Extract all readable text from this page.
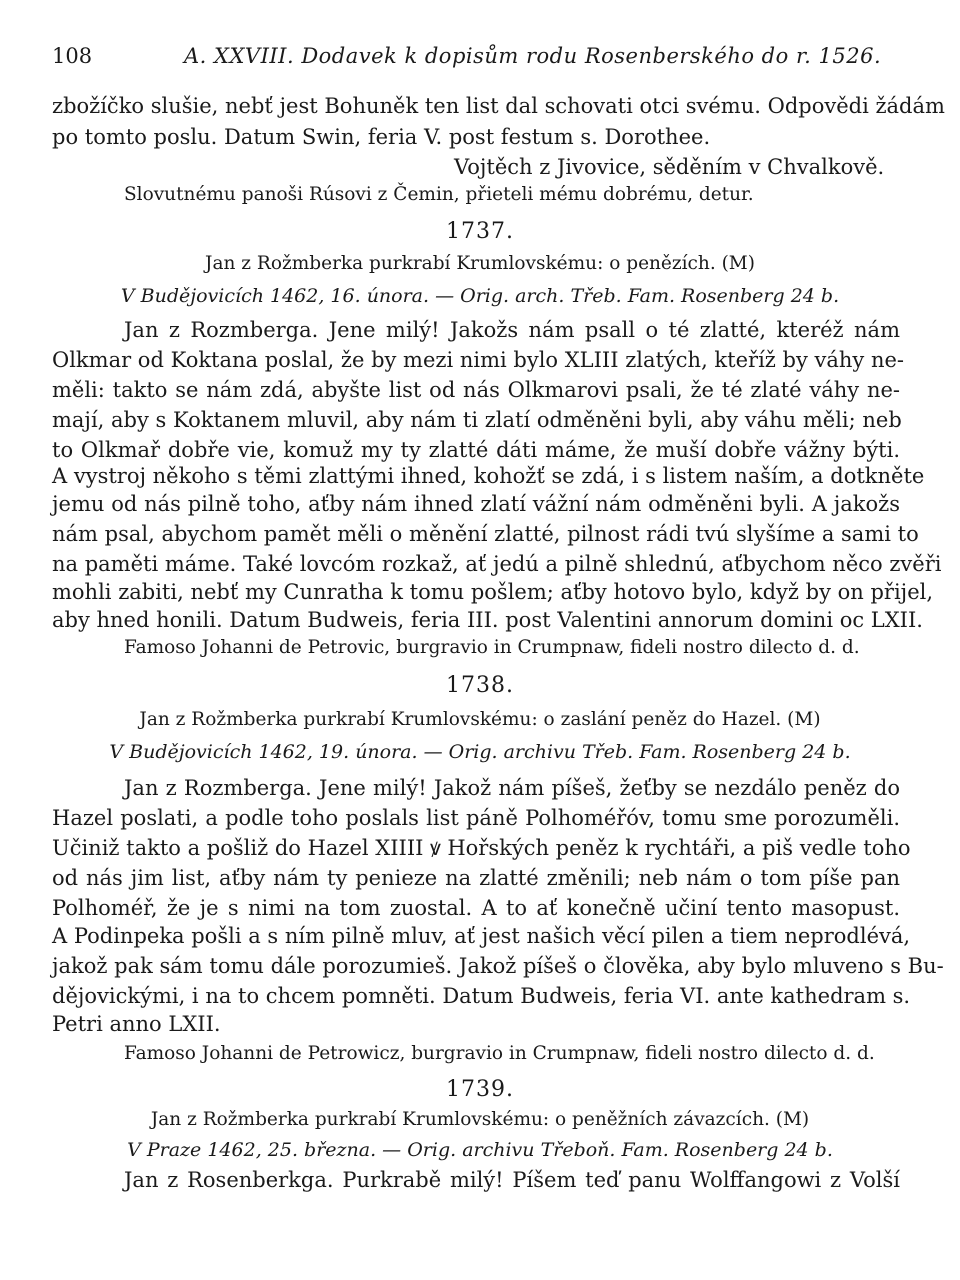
108	A. XXVIII. Dodavek k dopisům rodu Rosenberského do r. 1526.
zbožíčko slušie, nebť jest Bohuněk ten list dal schovati otci svému. Odpovědi žádám
po tomto poslu. Datum Swin, feria V. post festum s. Dorothee.
Vojtěch z Jivovice, sěděním v Chvalkově.
Slovutnému panoši Rúsovi z Čemin, přieteli mému dobrému, detur.
1737.
Jan z Rožmberka purkrabí Krumlovskému: o penězích. (M)
V Budějovicích 1462, 16. února. — Orig. arch. Třeb. Fam. Rosenberg 24 b.
Jan z Rozmberga. Jene milý! Jakožs nám psall o té zlatté, kteréž nám
Olkmar od Koktana poslal, že by mezi nimi bylo XLIII zlatých, kteříž by váhy ne-
měli: takto se nám zdá, abyšte list od nás Olkmarovi psali, že té zlaté váhy ne-
mají, aby s Koktanem mluvil, aby nám ti zlatí odměněni byli, aby váhu měli; neb
to Olkmař dobře vie, komuž my ty zlatté dáti máme, že muší dobře vážny býti.
A vystroj někoho s těmi zlattými ihned, kohožť se zdá, i s listem naším, a dotkněte
jemu od nás pilně toho, aťby nám ihned zlatí vážní nám odměněni byli. A jakožs
nám psal, abychom pamět měli o měnění zlatté, pilnost rádi tvú slyšíme a sami to
na paměti máme. Také lovcóm rozkaž, ať jedú a pilně shlednú, aťbychom něco zvěři
mohli zabiti, nebť my Cunratha k tomu pošlem; aťby hotovo bylo, když by on přijel,
aby hned honili. Datum Budweis, feria III. post Valentini annorum domini oc LXII.
Famoso Johanni de Petrovic, burgravio in Crumpnaw, fideli nostro dilecto d. d.
1738.
Jan z Rožmberka purkrabí Krumlovskému: o zaslání peněz do Hazel. (M)
V Budějovicích 1462, 19. února. — Orig. archivu Třeb. Fam. Rosenberg 24 b.
Jan z Rozmberga. Jene milý! Jakož nám píšeš, žeťby se nezdálo peněz do
Hazel poslati, a podle toho poslals list páně Polhoméřóv, tomu sme porozuměli.
Učiniž takto a pošliž do Hazel XIIII ꝟ Hořských peněz k rychtáři, a piš vedle toho
od nás jim list, aťby nám ty penieze na zlatté změnili; neb nám o tom píše pan
Polhoméř, že je s nimi na tom zuostal. A to ať konečně učiní tento masopust.
A Podinpeka pošli a s ním pilně mluv, ať jest našich věcí pilen a tiem neprodlévá,
jakož pak sám tomu dále porozumieš. Jakož píšeš o člověka, aby bylo mluveno s Bu-
dějovickými, i na to chcem pomněti. Datum Budweis, feria VI. ante kathedram s.
Petri anno LXII.
Famoso Johanni de Petrowicz, burgravio in Crumpnaw, fideli nostro dilecto d. d.
1739.
Jan z Rožmberka purkrabí Krumlovskému: o peněžních závazcích. (M)
V Praze 1462, 25. března. — Orig. archivu Třeboň. Fam. Rosenberg 24 b.
Jan z Rosenberkga. Purkrabě milý! Píšem teď panu Wolffangowi z Volší
